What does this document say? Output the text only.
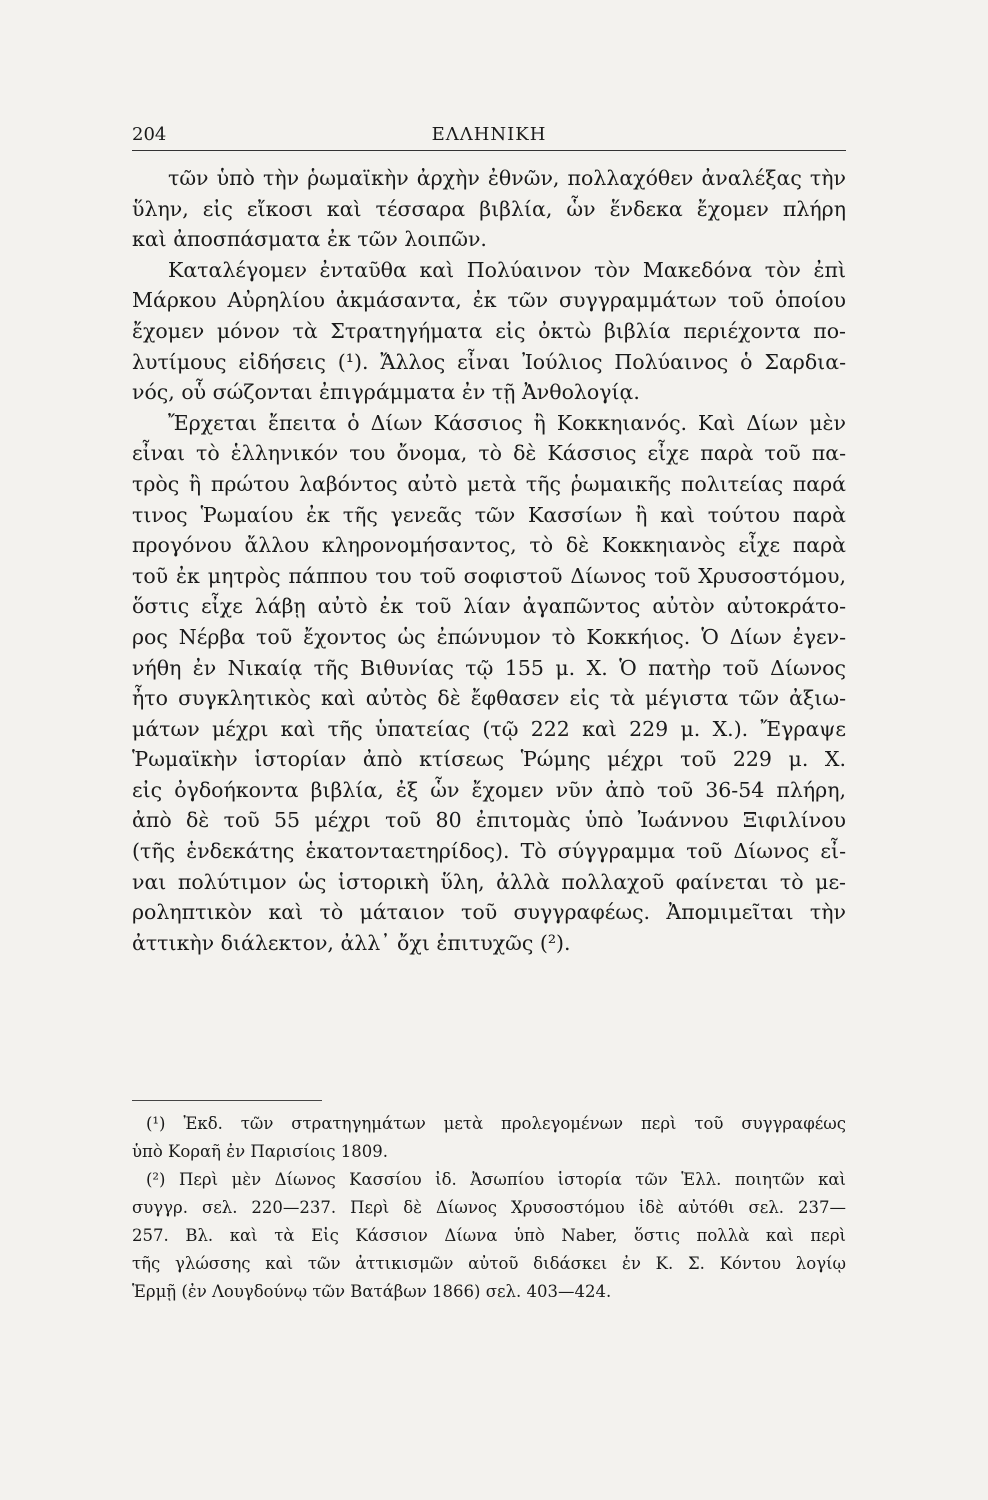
204	ΕΛΛΗΝΙΚΗ
τῶν ὑπὸ τὴν ῥωμαϊκὴν ἀρχὴν ἐθνῶν, πολλαχόθεν ἀναλέξας τὴν
ὕλην, εἰς εἴκοσι καὶ τέσσαρα βιβλία, ὧν ἕνδεκα ἔχομεν πλήρη
καὶ ἀποσπάσματα ἐκ τῶν λοιπῶν.
Καταλέγομεν ἐνταῦθα καὶ Πολύαινον τὸν Μακεδόνα τὸν ἐπὶ
Μάρκου Αὐρηλίου ἀκμάσαντα, ἐκ τῶν συγγραμμάτων τοῦ ὁποίου
ἔχομεν μόνον τὰ Στρατηγήματα εἰς ὀκτὼ βιβλία περιέχοντα πο-
λυτίμους εἰδήσεις (¹). Ἄλλος εἶναι Ἰούλιος Πολύαινος ὁ Σαρδια-
νός, οὗ σώζονται ἐπιγράμματα ἐν τῇ Ἀνθολογίᾳ.
Ἔρχεται ἔπειτα ὁ Δίων Κάσσιος ἢ Κοκκηιανός. Καὶ Δίων μὲν
εἶναι τὸ ἑλληνικόν του ὄνομα, τὸ δὲ Κάσσιος εἶχε παρὰ τοῦ πα-
τρὸς ἢ πρώτου λαβόντος αὐτὸ μετὰ τῆς ῥωμαικῆς πολιτείας παρά
τινος Ῥωμαίου ἐκ τῆς γενεᾶς τῶν Κασσίων ἢ καὶ τούτου παρὰ
προγόνου ἄλλου κληρονομήσαντος, τὸ δὲ Κοκκηιανὸς εἶχε παρὰ
τοῦ ἐκ μητρὸς πάππου του τοῦ σοφιστοῦ Δίωνος τοῦ Χρυσοστόμου,
ὅστις εἶχε λάβῃ αὐτὸ ἐκ τοῦ λίαν ἀγαπῶντος αὐτὸν αὐτοκράτο-
ρος Νέρβα τοῦ ἔχοντος ὡς ἐπώνυμον τὸ Κοκκήιος. Ὁ Δίων ἐγεν-
νήθη ἐν Νικαίᾳ τῆς Βιθυνίας τῷ 155 μ. Χ. Ὁ πατὴρ τοῦ Δίωνος
ἦτο συγκλητικὸς καὶ αὐτὸς δὲ ἔφθασεν εἰς τὰ μέγιστα τῶν ἀξιω-
μάτων μέχρι καὶ τῆς ὑπατείας (τῷ 222 καὶ 229 μ. Χ.). Ἔγραψε
Ῥωμαϊκὴν ἱστορίαν ἀπὸ κτίσεως Ῥώμης μέχρι τοῦ 229 μ. Χ.
εἰς ὀγδοήκοντα βιβλία, ἐξ ὧν ἔχομεν νῦν ἀπὸ τοῦ 36-54 πλήρη,
ἀπὸ δὲ τοῦ 55 μέχρι τοῦ 80 ἐπιτομὰς ὑπὸ Ἰωάννου Ξιφιλίνου
(τῆς ἑνδεκάτης ἑκατονταετηρίδος). Τὸ σύγγραμμα τοῦ Δίωνος εἶ-
ναι πολύτιμον ὡς ἱστορικὴ ὕλη, ἀλλὰ πολλαχοῦ φαίνεται τὸ με-
ροληπτικὸν καὶ τὸ μάταιον τοῦ συγγραφέως. Ἀπομιμεῖται τὴν
ἀττικὴν διάλεκτον, ἀλλ᾽ ὄχι ἐπιτυχῶς (²).
(¹) Ἐκδ. τῶν στρατηγημάτων μετὰ προλεγομένων περὶ τοῦ συγγραφέως
ὑπὸ Κοραῆ ἐν Παρισίοις 1809.
(²) Περὶ μὲν Δίωνος Κασσίου ἰδ. Ἀσωπίου ἱστορία τῶν Ἑλλ. ποιητῶν καὶ
συγγρ. σελ. 220—237. Περὶ δὲ Δίωνος Χρυσοστόμου ἰδὲ αὐτόθι σελ. 237—
257. Βλ. καὶ τὰ Εἰς Κάσσιον Δίωνα ὑπὸ Naber, ὅστις πολλὰ καὶ περὶ
τῆς γλώσσης καὶ τῶν ἀττικισμῶν αὐτοῦ διδάσκει ἐν Κ. Σ. Κόντου λογίῳ
Ἑρμῇ (ἐν Λουγδούνῳ τῶν Βατάβων 1866) σελ. 403—424.
